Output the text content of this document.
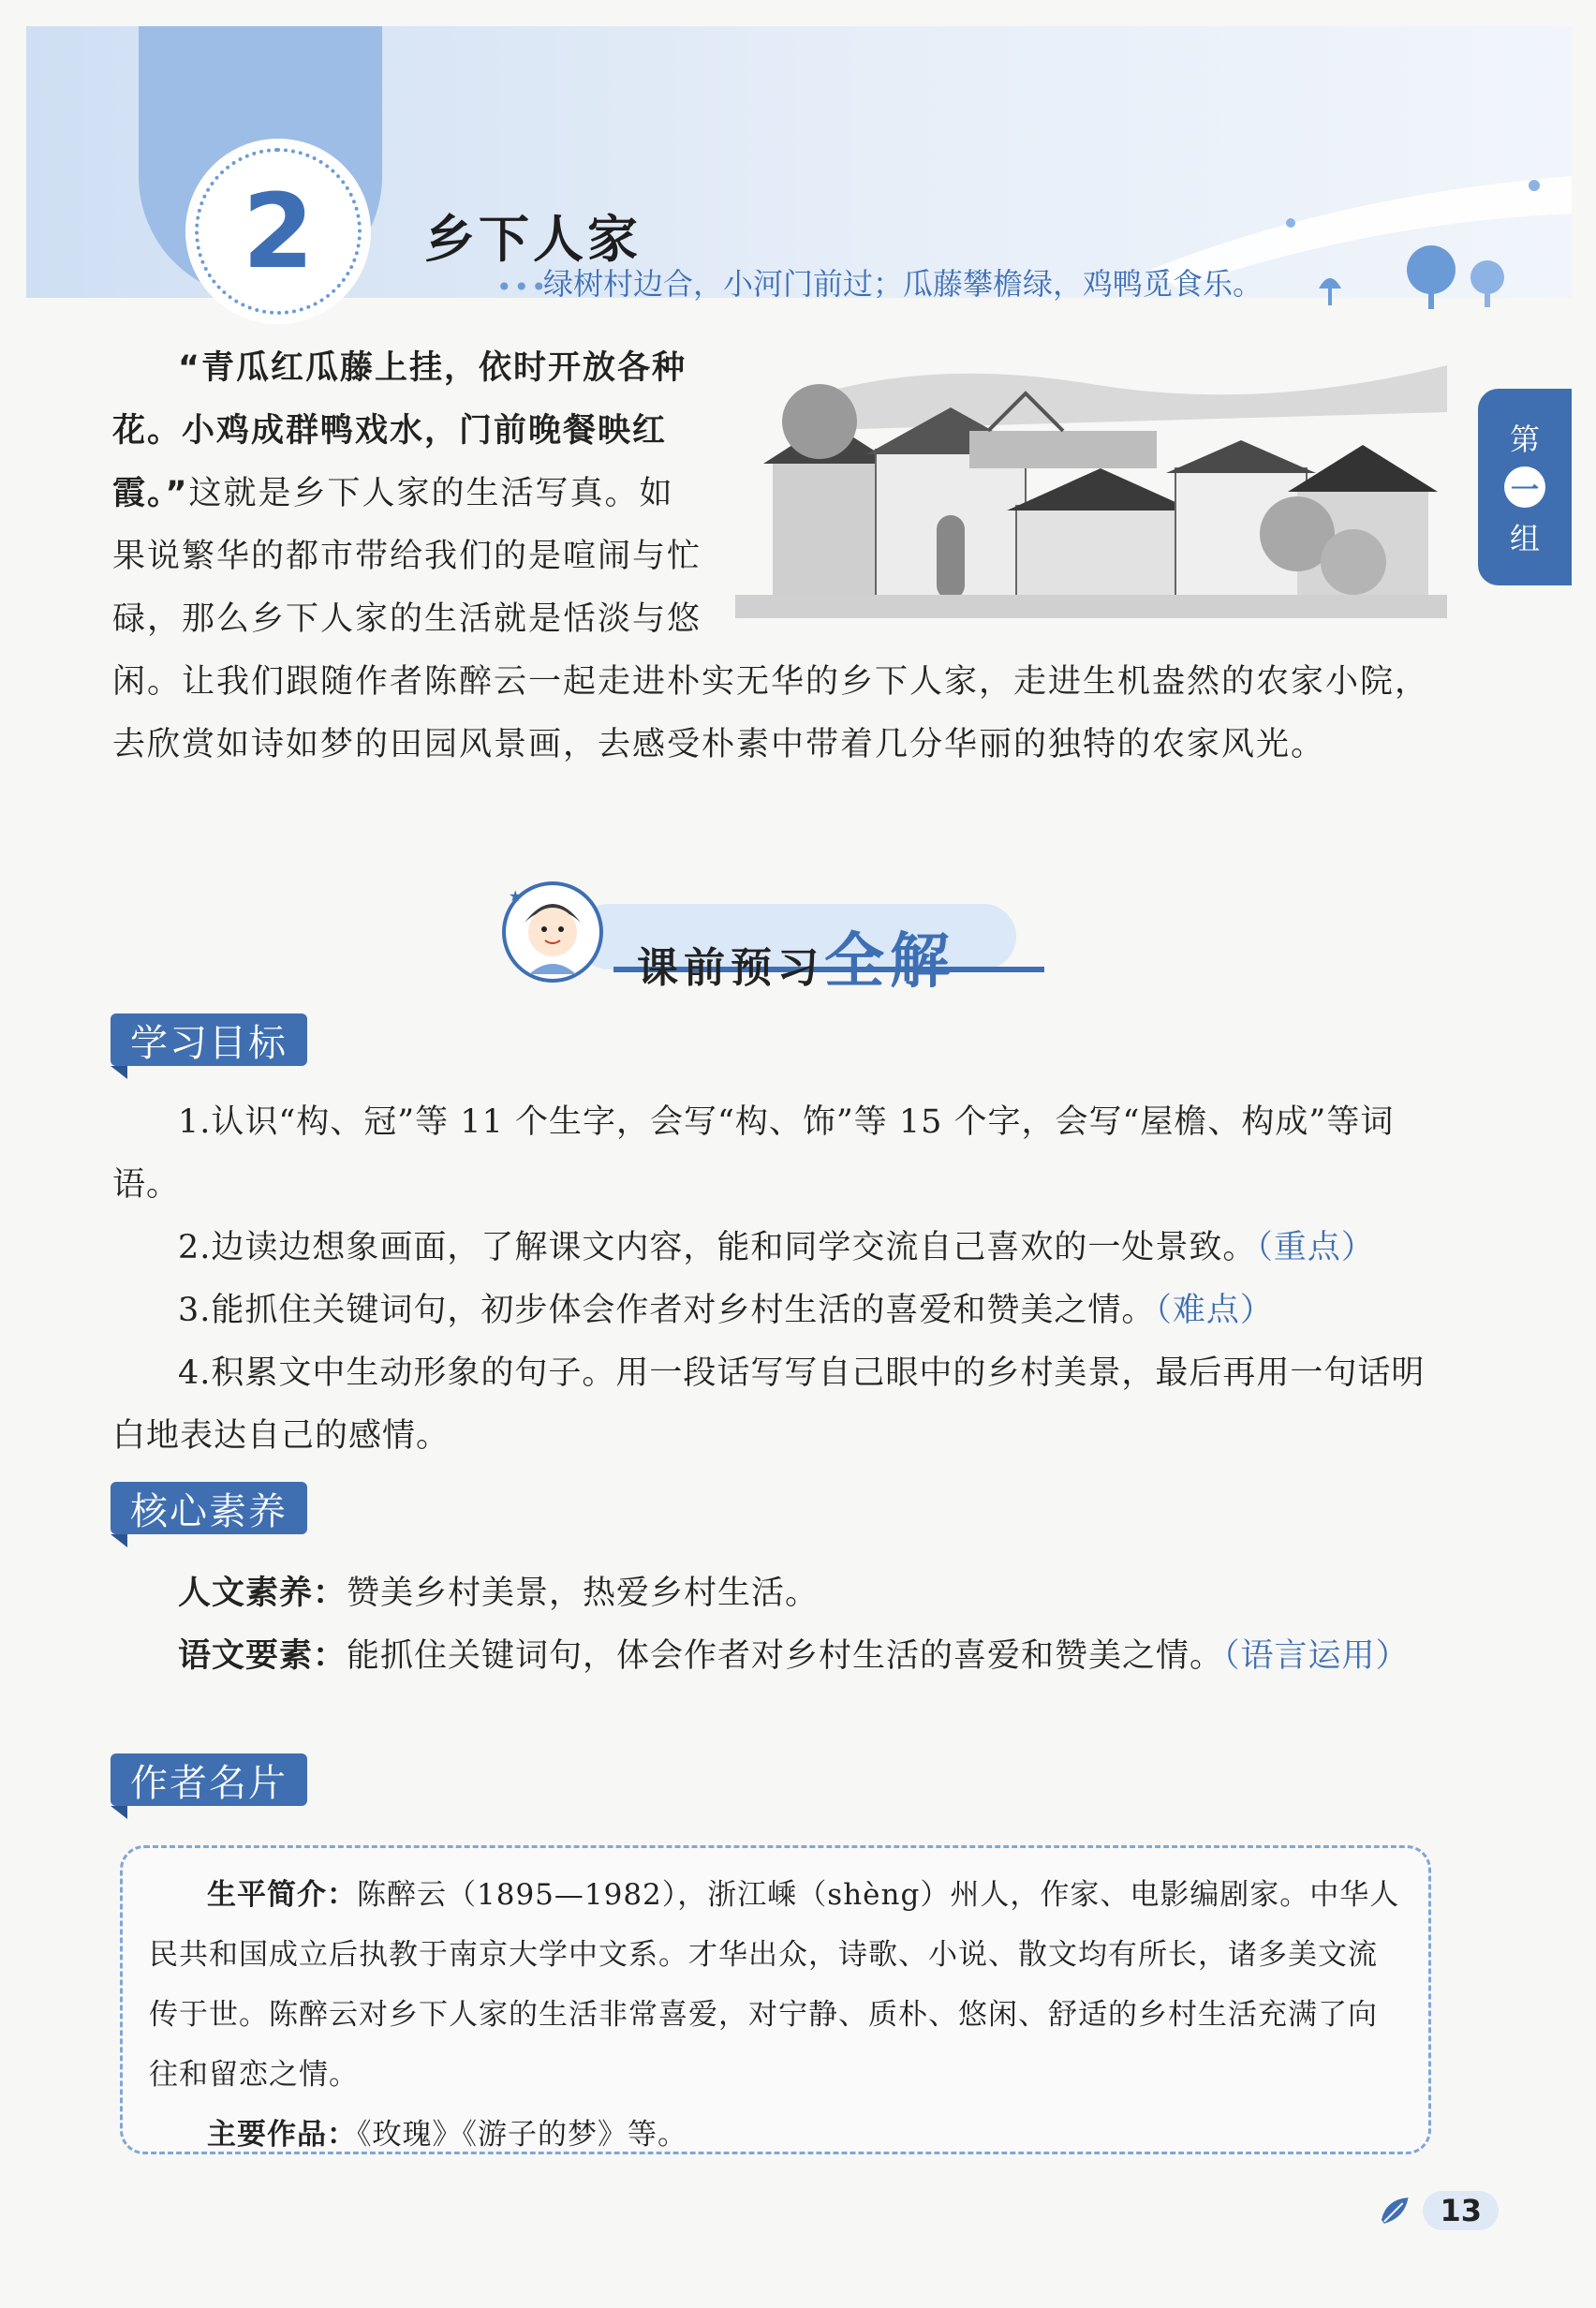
2 乡下人家
•••
绿树村边合，小河门前过；瓜藤攀檐绿，鸡鸭觅食乐。
第
一
组

“青瓜红瓜藤上挂，依时开放各种花。小鸡成群鸭戏水，门前晚餐映红霞。”这就是乡下人家的生活写真。如果说繁华的都市带给我们的是喧闹与忙碌，那么乡下人家的生活就是恬淡与悠闲。让我们跟随作者陈醉云一起走进朴实无华的乡下人家，走进生机盎然的农家小院，去欣赏如诗如梦的田园风景画，去感受朴素中带着几分华丽的独特的农家风光。

★
课前预习全解
学习目标

1.认识“构、冠”等 11 个生字，会写“构、饰”等 15 个字，会写“屋檐、构成”等词语。

2.边读边想象画面，了解课文内容，能和同学交流自己喜欢的一处景致。（重点）

3.能抓住关键词句，初步体会作者对乡村生活的喜爱和赞美之情。（难点）

4.积累文中生动形象的句子。用一段话写写自己眼中的乡村美景，最后再用一句话明白地表达自己的感情。

核心素养

人文素养：赞美乡村美景，热爱乡村生活。

语文要素：能抓住关键词句，体会作者对乡村生活的喜爱和赞美之情。（语言运用）

作者名片

生平简介：陈醉云（1895—1982），浙江嵊（shèng）州人，作家、电影编剧家。中华人民共和国成立后执教于南京大学中文系。才华出众，诗歌、小说、散文均有所长，诸多美文流传于世。陈醉云对乡下人家的生活非常喜爱，对宁静、质朴、悠闲、舒适的乡村生活充满了向往和留恋之情。

主要作品：《玫瑰》《游子的梦》等。

13
